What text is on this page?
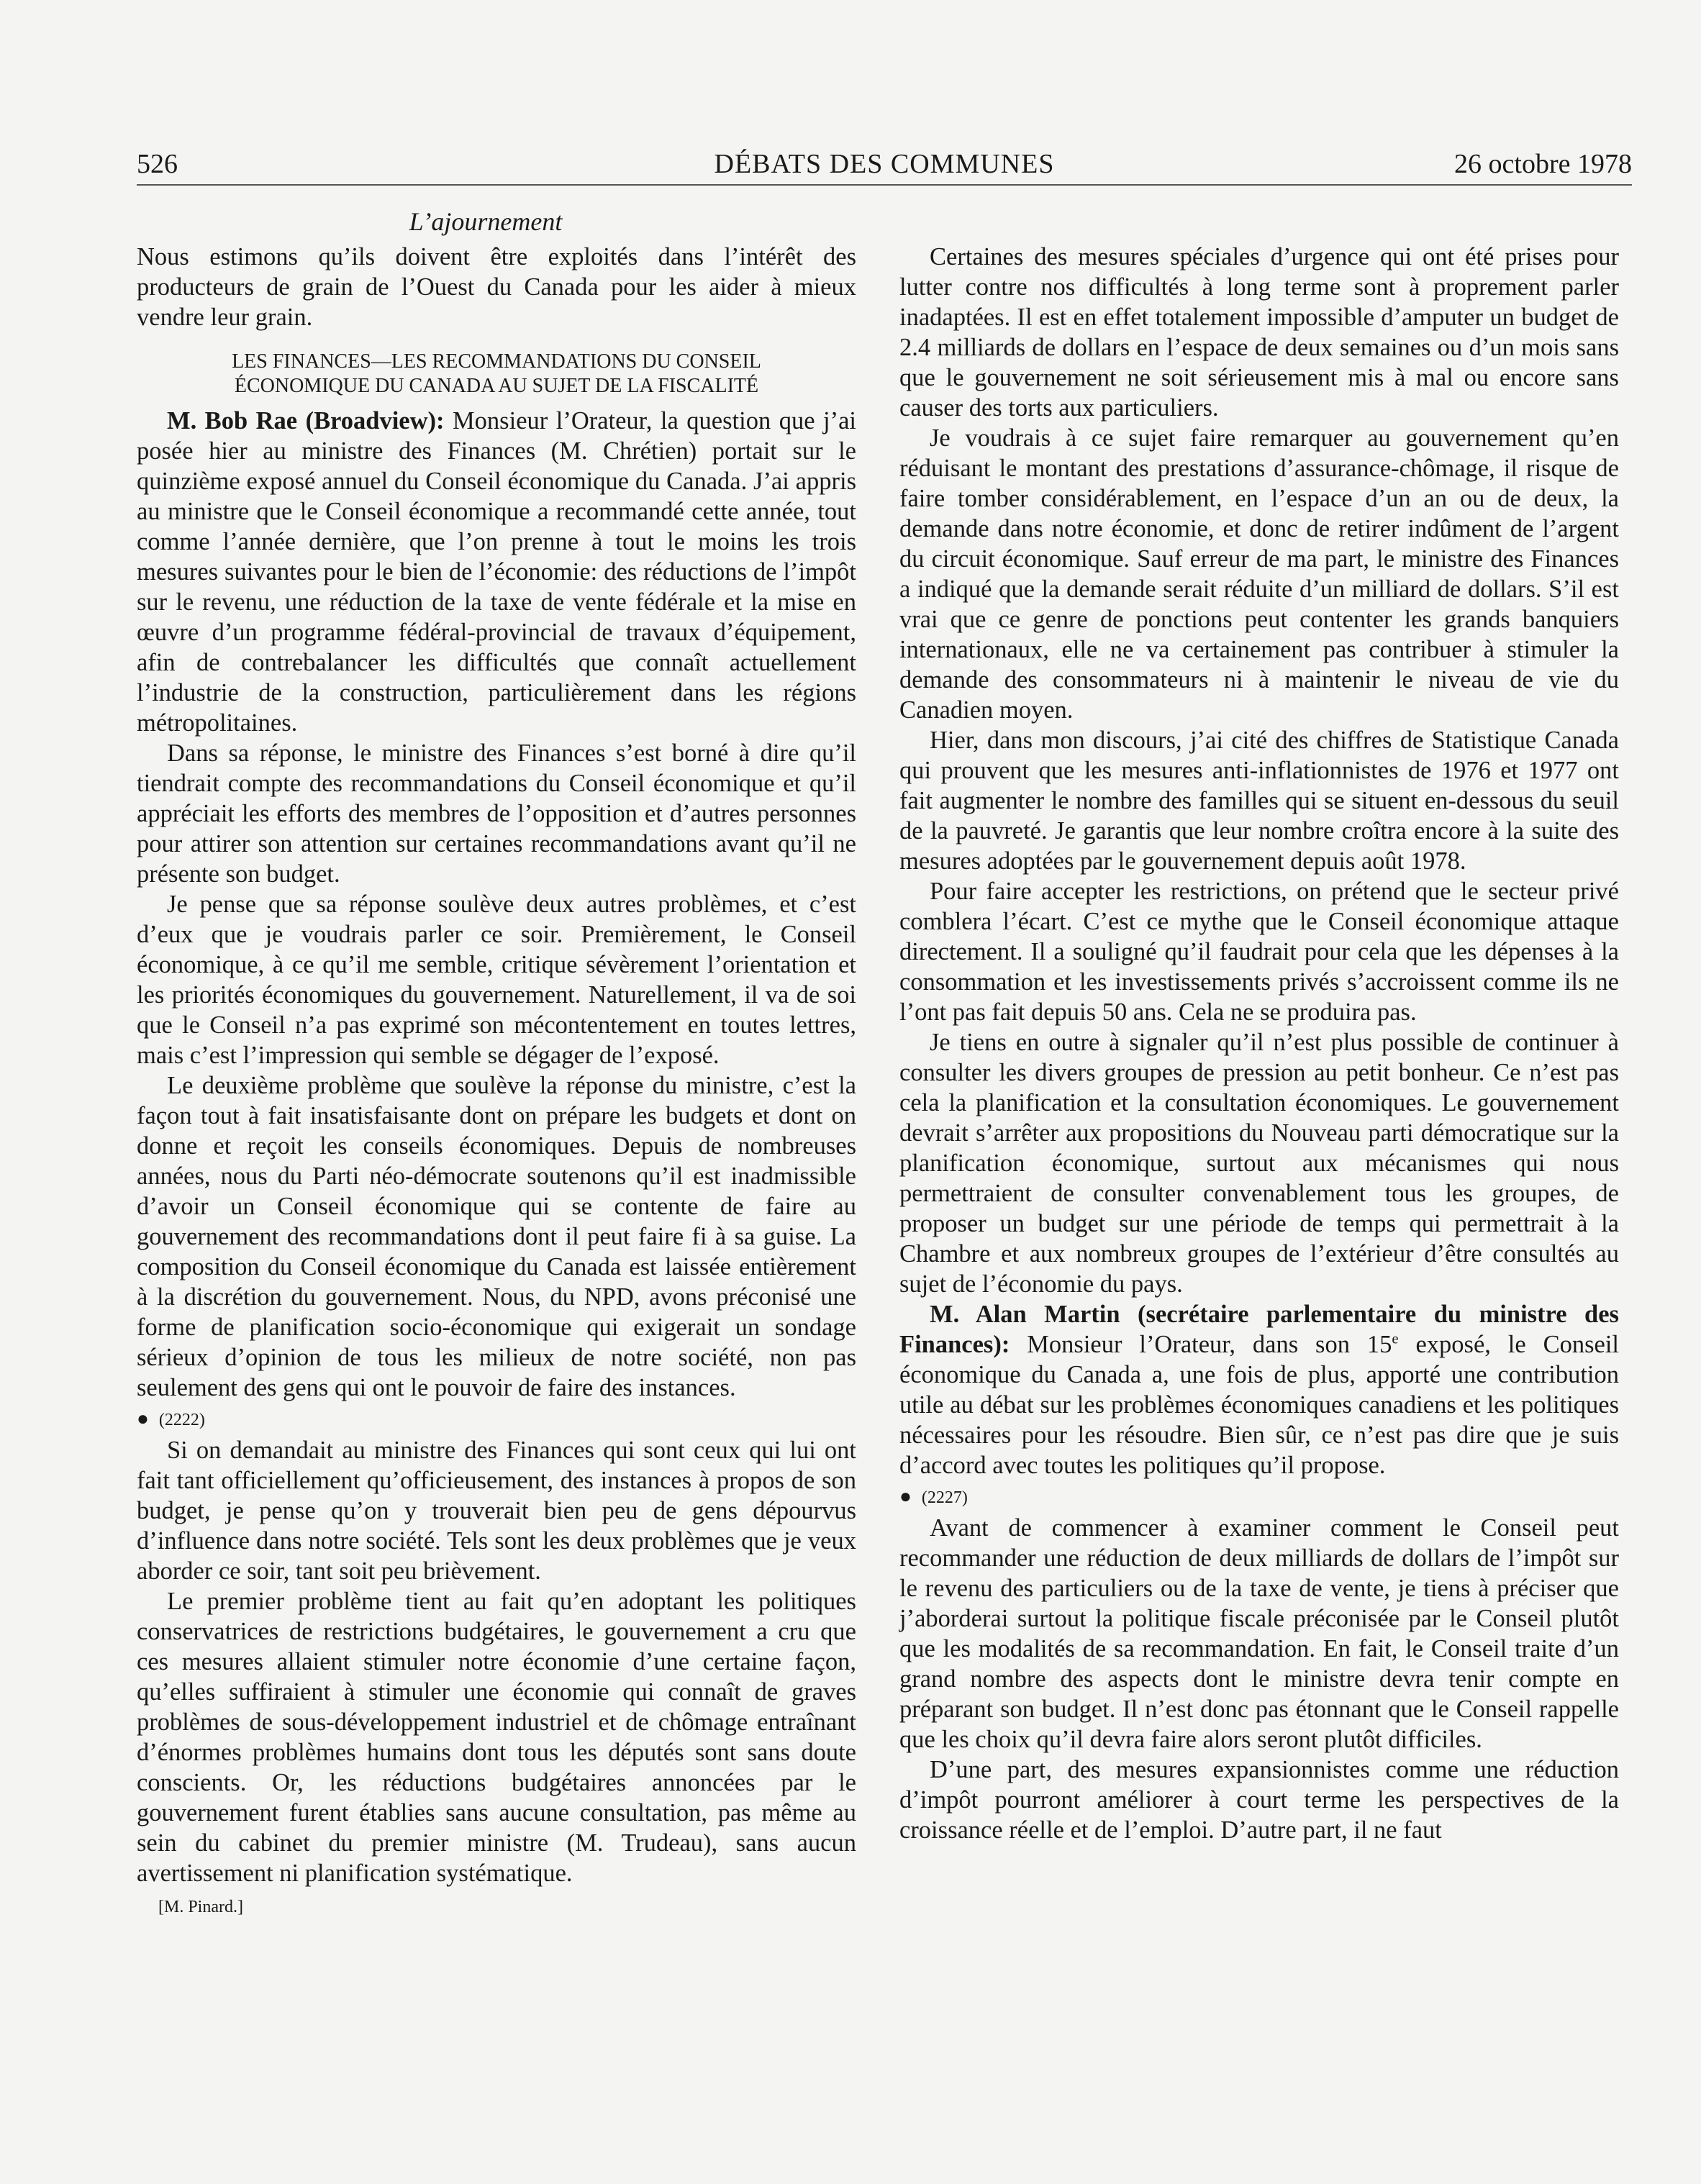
526	DÉBATS DES COMMUNES	26 octobre 1978
L’ajournement

Nous estimons qu’ils doivent être exploités dans l’intérêt des producteurs de grain de l’Ouest du Canada pour les aider à mieux vendre leur grain.

LES FINANCES—LES RECOMMANDATIONS DU CONSEIL
ÉCONOMIQUE DU CANADA AU SUJET DE LA FISCALITÉ

M. Bob Rae (Broadview): Monsieur l’Orateur, la question que j’ai posée hier au ministre des Finances (M. Chrétien) portait sur le quinzième exposé annuel du Conseil économique du Canada. J’ai appris au ministre que le Conseil économique a recommandé cette année, tout comme l’année dernière, que l’on prenne à tout le moins les trois mesures suivantes pour le bien de l’économie: des réductions de l’impôt sur le revenu, une réduction de la taxe de vente fédérale et la mise en œuvre d’un programme fédéral-provincial de travaux d’équipement, afin de contrebalancer les difficultés que connaît actuellement l’industrie de la construction, particulièrement dans les régions métropolitaines.

Dans sa réponse, le ministre des Finances s’est borné à dire qu’il tiendrait compte des recommandations du Conseil économique et qu’il appréciait les efforts des membres de l’opposition et d’autres personnes pour attirer son attention sur certaines recommandations avant qu’il ne présente son budget.

Je pense que sa réponse soulève deux autres problèmes, et c’est d’eux que je voudrais parler ce soir. Premièrement, le Conseil économique, à ce qu’il me semble, critique sévèrement l’orientation et les priorités économiques du gouvernement. Naturellement, il va de soi que le Conseil n’a pas exprimé son mécontentement en toutes lettres, mais c’est l’impression qui semble se dégager de l’exposé.

Le deuxième problème que soulève la réponse du ministre, c’est la façon tout à fait insatisfaisante dont on prépare les budgets et dont on donne et reçoit les conseils économiques. Depuis de nombreuses années, nous du Parti néo-démocrate soutenons qu’il est inadmissible d’avoir un Conseil économique qui se contente de faire au gouvernement des recommandations dont il peut faire fi à sa guise. La composition du Conseil économique du Canada est laissée entièrement à la discrétion du gouvernement. Nous, du NPD, avons préconisé une forme de planification socio-économique qui exigerait un sondage sérieux d’opinion de tous les milieux de notre société, non pas seulement des gens qui ont le pouvoir de faire des instances.

● (2222)

Si on demandait au ministre des Finances qui sont ceux qui lui ont fait tant officiellement qu’officieusement, des instances à propos de son budget, je pense qu’on y trouverait bien peu de gens dépourvus d’influence dans notre société. Tels sont les deux problèmes que je veux aborder ce soir, tant soit peu brièvement.

Le premier problème tient au fait qu’en adoptant les politiques conservatrices de restrictions budgétaires, le gouvernement a cru que ces mesures allaient stimuler notre économie d’une certaine façon, qu’elles suffiraient à stimuler une économie qui connaît de graves problèmes de sous-développement industriel et de chômage entraînant d’énormes problèmes humains dont tous les députés sont sans doute conscients. Or, les réductions budgétaires annoncées par le gouvernement furent établies sans aucune consultation, pas même au sein du cabinet du premier ministre (M. Trudeau), sans aucun avertissement ni planification systématique.

[M. Pinard.]

Certaines des mesures spéciales d’urgence qui ont été prises pour lutter contre nos difficultés à long terme sont à proprement parler inadaptées. Il est en effet totalement impossible d’amputer un budget de 2.4 milliards de dollars en l’espace de deux semaines ou d’un mois sans que le gouvernement ne soit sérieusement mis à mal ou encore sans causer des torts aux particuliers.

Je voudrais à ce sujet faire remarquer au gouvernement qu’en réduisant le montant des prestations d’assurance-chômage, il risque de faire tomber considérablement, en l’espace d’un an ou de deux, la demande dans notre économie, et donc de retirer indûment de l’argent du circuit économique. Sauf erreur de ma part, le ministre des Finances a indiqué que la demande serait réduite d’un milliard de dollars. S’il est vrai que ce genre de ponctions peut contenter les grands banquiers internationaux, elle ne va certainement pas contribuer à stimuler la demande des consommateurs ni à maintenir le niveau de vie du Canadien moyen.

Hier, dans mon discours, j’ai cité des chiffres de Statistique Canada qui prouvent que les mesures anti-inflationnistes de 1976 et 1977 ont fait augmenter le nombre des familles qui se situent en-dessous du seuil de la pauvreté. Je garantis que leur nombre croîtra encore à la suite des mesures adoptées par le gouvernement depuis août 1978.

Pour faire accepter les restrictions, on prétend que le secteur privé comblera l’écart. C’est ce mythe que le Conseil économique attaque directement. Il a souligné qu’il faudrait pour cela que les dépenses à la consommation et les investissements privés s’accroissent comme ils ne l’ont pas fait depuis 50 ans. Cela ne se produira pas.

Je tiens en outre à signaler qu’il n’est plus possible de continuer à consulter les divers groupes de pression au petit bonheur. Ce n’est pas cela la planification et la consultation économiques. Le gouvernement devrait s’arrêter aux propositions du Nouveau parti démocratique sur la planification économique, surtout aux mécanismes qui nous permettraient de consulter convenablement tous les groupes, de proposer un budget sur une période de temps qui permettrait à la Chambre et aux nombreux groupes de l’extérieur d’être consultés au sujet de l’économie du pays.

M. Alan Martin (secrétaire parlementaire du ministre des Finances): Monsieur l’Orateur, dans son 15e exposé, le Conseil économique du Canada a, une fois de plus, apporté une contribution utile au débat sur les problèmes économiques canadiens et les politiques nécessaires pour les résoudre. Bien sûr, ce n’est pas dire que je suis d’accord avec toutes les politiques qu’il propose.

● (2227)

Avant de commencer à examiner comment le Conseil peut recommander une réduction de deux milliards de dollars de l’impôt sur le revenu des particuliers ou de la taxe de vente, je tiens à préciser que j’aborderai surtout la politique fiscale préconisée par le Conseil plutôt que les modalités de sa recommandation. En fait, le Conseil traite d’un grand nombre des aspects dont le ministre devra tenir compte en préparant son budget. Il n’est donc pas étonnant que le Conseil rappelle que les choix qu’il devra faire alors seront plutôt difficiles.

D’une part, des mesures expansionnistes comme une réduction d’impôt pourront améliorer à court terme les perspectives de la croissance réelle et de l’emploi. D’autre part, il ne faut
